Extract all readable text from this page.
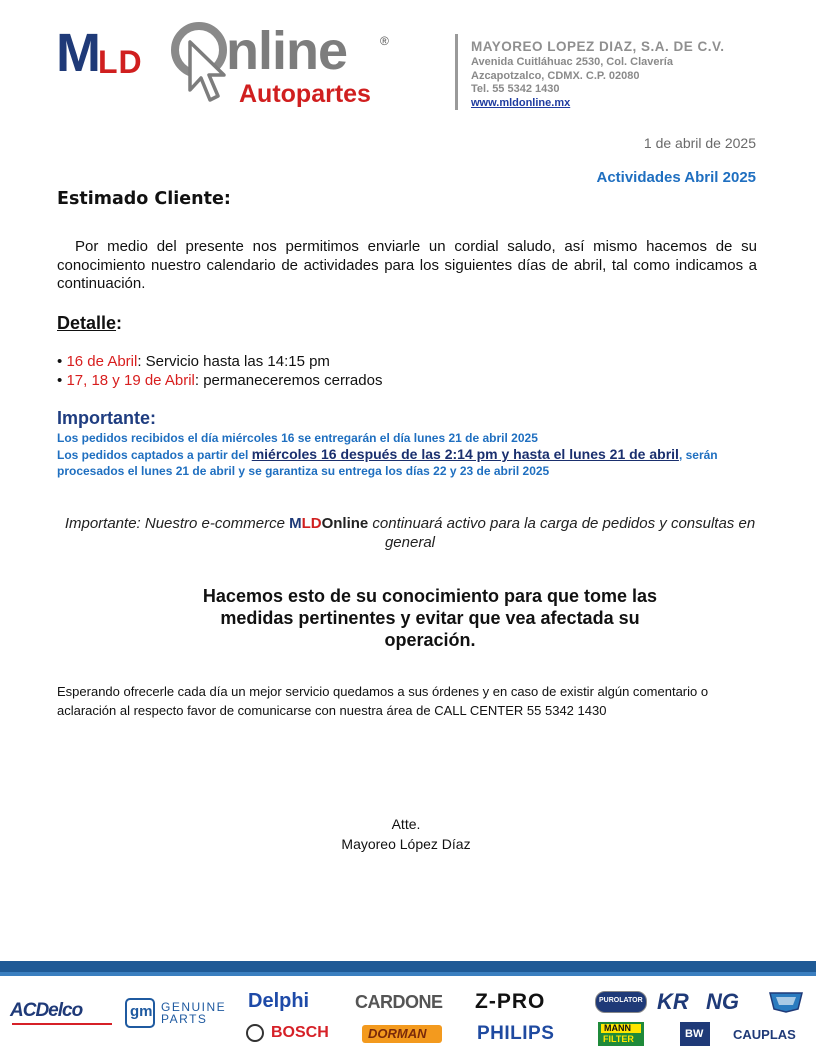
M
LD nline	®
Autopartes
MAYOREO LOPEZ DIAZ, S.A. DE C.V.
Avenida Cuitláhuac 2530, Col. Clavería
Azcapotzalco, CDMX. C.P. 02080
Tel. 55 5342 1430
www.mldonline.mx
1 de abril de 2025
Actividades Abril 2025
Estimado Cliente:
Por medio del presente nos permitimos enviarle un cordial saludo, así mismo hacemos de su conocimiento nuestro calendario de actividades para los siguientes días de abril, tal como indicamos a continuación.
Detalle:
• 16 de Abril: Servicio hasta las 14:15 pm
• 17, 18 y 19 de Abril: permaneceremos cerrados
Importante:
Los pedidos recibidos el día miércoles 16 se entregarán el día lunes 21 de abril 2025
Los pedidos captados a partir del miércoles 16 después de las 2:14 pm y hasta el lunes 21 de abril, serán procesados el lunes 21 de abril y se garantiza su entrega los días 22 y 23 de abril 2025
Importante: Nuestro e-commerce MLDOnline continuará activo para la carga de pedidos y consultas en general
Hacemos esto de su conocimiento para que tome las medidas pertinentes y evitar que vea afectada su operación.
Esperando ofrecerle cada día un mejor servicio quedamos a sus órdenes y en caso de existir algún comentario o aclaración al respecto favor de comunicarse con nuestra área de CALL CENTER 55 5342 1430
Atte.
Mayoreo López Díaz
ACDelco	gm GENUINE
PARTS
Delphi
BOSCH
CARDONE
DORMAN
Z-PRO
PHILIPS
PUROLATOR
MANN
FILTER
KR
BW
NG
CAUPLAS
